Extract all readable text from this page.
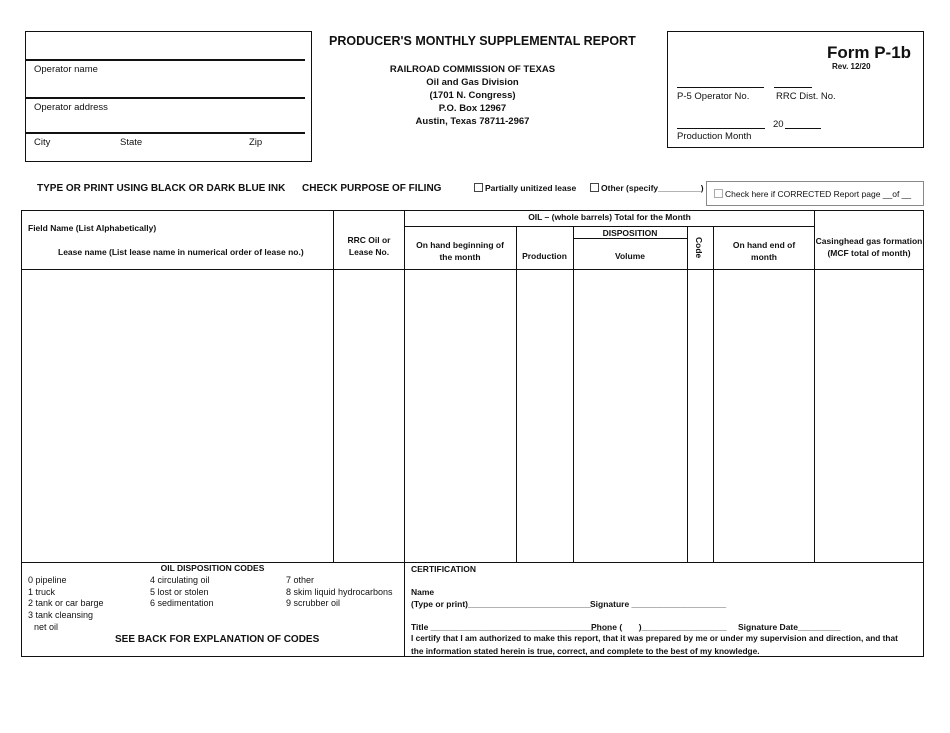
Operator name
Operator address
City	State	Zip
PRODUCER'S MONTHLY SUPPLEMENTAL REPORT
RAILROAD COMMISSION OF TEXAS
Oil and Gas Division
(1701 N. Congress)
P.O. Box 12967
Austin, Texas 78711-2967
Form P-1b
Rev. 12/20
P-5 Operator No.	RRC Dist. No.
20
Production Month
TYPE OR PRINT USING BLACK OR DARK BLUE INK CHECK PURPOSE OF FILING	Partially unitized lease	Other (specify_________)
Check here if CORRECTED Report page __of __
Field Name (List Alphabetically)
Lease name (List lease name in numerical order of lease no.)
RRC Oil or Lease No.
OIL – (whole barrels) Total for the Month
On hand beginning of the month	Production
DISPOSITION
Volume	Code	On hand end of month
Casinghead gas formation (MCF total of month)
OIL DISPOSITION CODES
0 pipeline
1 truck
2 tank or car barge
3 tank cleansing
net oil
4 circulating oil
5 lost or stolen
6 sedimentation
7 other
8 skim liquid hydrocarbons
9 scrubber oil
SEE BACK FOR EXPLANATION OF CODES
CERTIFICATION
Name
(Type or print)__________________________ Signature ____________________
Title ______________________________________
Phone (       )__________________ Signature Date_________
I certify that I am authorized to make this report, that it was prepared by me or under my supervision and direction, and that
the information stated herein is true, correct, and complete to the best of my knowledge.
